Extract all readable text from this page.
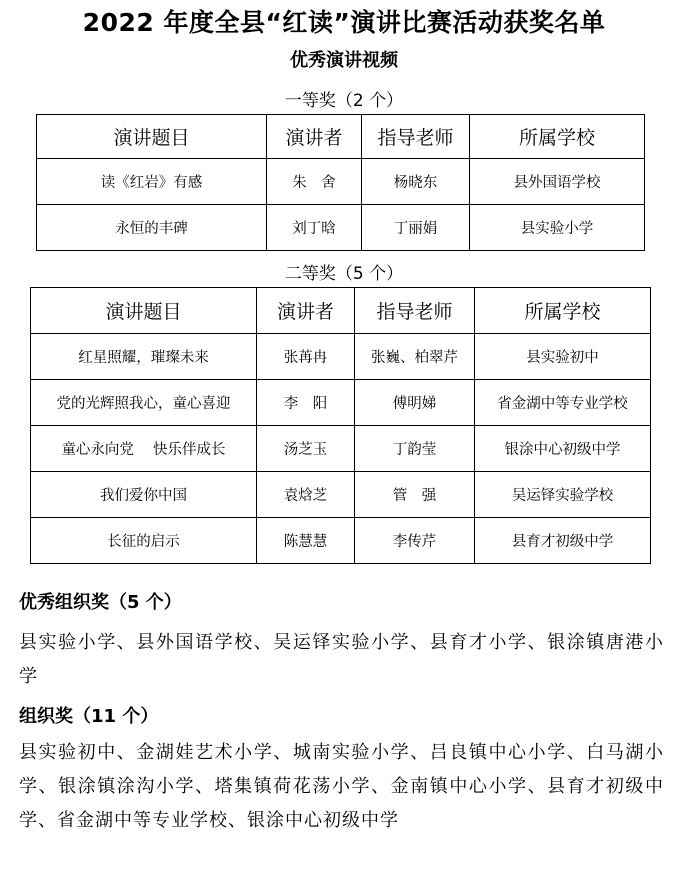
2022 年度全县“红读”演讲比赛活动获奖名单
优秀演讲视频
一等奖（2 个）
演讲题目	演讲者	指导老师	所属学校
读《红岩》有感	朱　舍	杨晓东	县外国语学校
永恒的丰碑	刘丁晗	丁丽娟	县实验小学
二等奖（5 个）
演讲题目	演讲者	指导老师	所属学校
红星照耀，璀璨未来	张苒冉	张巍、柏翠芹	县实验初中
党的光辉照我心，童心喜迎	李　阳	傅明娣	省金湖中等专业学校
童心永向党　 快乐伴成长	汤芝玉	丁韵莹	银涂中心初级中学
我们爱你中国	袁焓芝	管　强	吴运铎实验学校
长征的启示	陈慧慧	李传芹	县育才初级中学
优秀组织奖（5 个）
县实验小学、县外国语学校、吴运铎实验小学、县育才小学、银涂镇唐港小学
组织奖（11 个）
县实验初中、金湖娃艺术小学、城南实验小学、吕良镇中心小学、白马湖小学、银涂镇涂沟小学、塔集镇荷花荡小学、金南镇中心小学、县育才初级中学、省金湖中等专业学校、银涂中心初级中学
